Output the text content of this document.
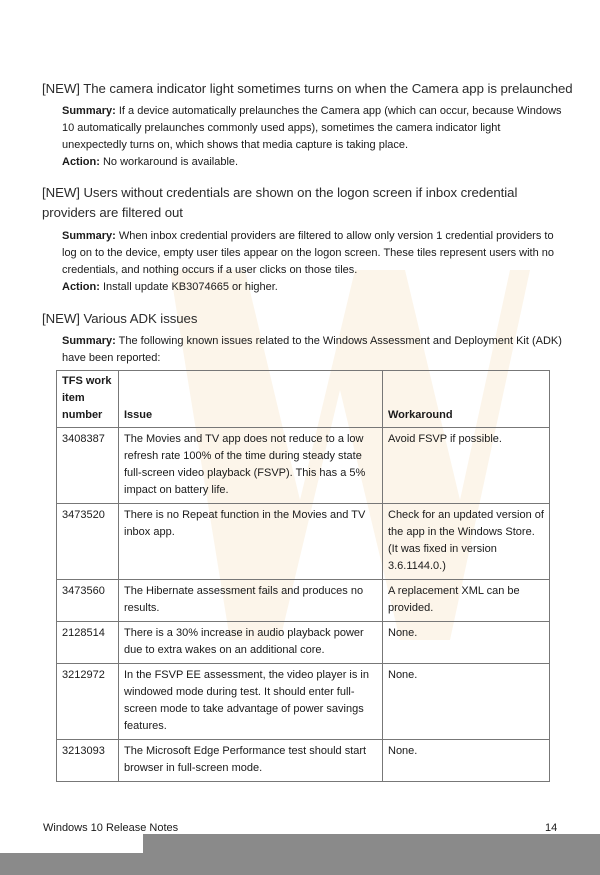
[NEW] The camera indicator light sometimes turns on when the Camera app is prelaunched

Summary: If a device automatically prelaunches the Camera app (which can occur, because Windows 10 automatically prelaunches commonly used apps), sometimes the camera indicator light unexpectedly turns on, which shows that media capture is taking place.

Action: No workaround is available.

[NEW] Users without credentials are shown on the logon screen if inbox credential providers are filtered out

Summary: When inbox credential providers are filtered to allow only version 1 credential providers to log on to the device, empty user tiles appear on the logon screen. These tiles represent users with no credentials, and nothing occurs if a user clicks on those tiles.

Action: Install update KB3074665 or higher.

[NEW] Various ADK issues

Summary: The following known issues related to the Windows Assessment and Deployment Kit (ADK) have been reported:

TFS work item number	Issue	Workaround
3408387	The Movies and TV app does not reduce to a low refresh rate 100% of the time during steady state full-screen video playback (FSVP). This has a 5% impact on battery life.	Avoid FSVP if possible.
3473520	There is no Repeat function in the Movies and TV inbox app.	Check for an updated version of the app in the Windows Store. (It was fixed in version 3.6.1144.0.)
3473560	The Hibernate assessment fails and produces no results.	A replacement XML can be provided.
2128514	There is a 30% increase in audio playback power due to extra wakes on an additional core.	None.
3212972	In the FSVP EE assessment, the video player is in windowed mode during test. It should enter full-screen mode to take advantage of power savings features.	None.
3213093	The Microsoft Edge Performance test should start browser in full-screen mode.	None.
Windows 10 Release Notes	14
